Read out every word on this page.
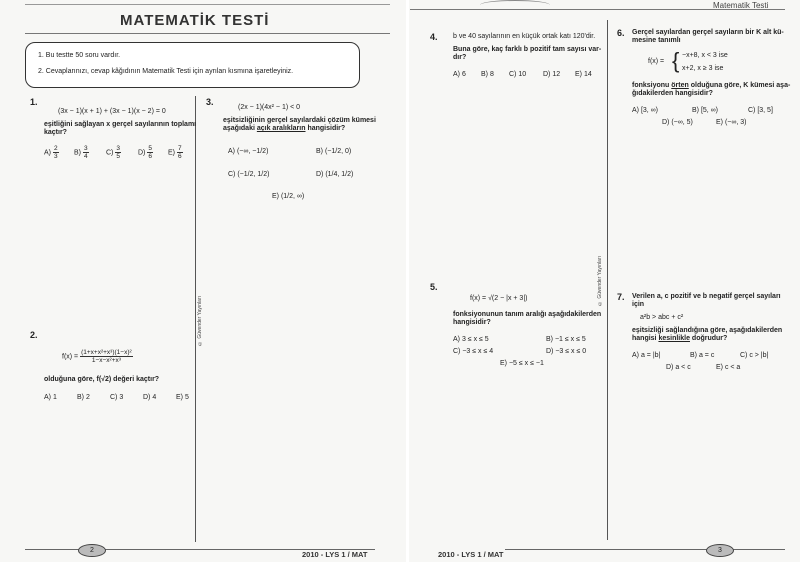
MATEMATİK TESTİ
1. Bu testte 50 soru vardır.
2. Cevaplarınızı, cevap kâğıdının Matematik Testi için ayrılan kısmına işaretleyiniz.
1.
(3x − 1)(x + 1) + (3x − 1)(x − 2) = 0
eşitliğini sağlayan x gerçel sayılarının toplamı
kaçtır?
$A) \frac{2}{3} B) \frac{3}{4} C) \frac{3}{5} D) \frac{5}{6} E) \frac{7}{6}$
3.
(2x − 1)(4x² − 1) < 0
eşitsizliğinin gerçel sayılardaki çözüm kümesi
aşağıdaki açık aralıkların hangisidir?
A) (−∞, −1/2)	B) (−1/2, 0)
C) (−1/2, 1/2)	D) (1/4, 1/2)
E) (1/2, ∞)
2.
$f(x) = \frac{\text{(1+x+x²+x³)(1−x)²}}{\text{1−x−x²+x³}}$
olduğuna göre, f(√2) değeri kaçtır?
A) 1	B) 2	C) 3	D) 4	E) 5
© Güvender Yayınları
2	2010 - LYS 1 / MAT
Matematik Testi
4. b ve 40 sayılarının en küçük ortak katı 120'dir.
Buna göre, kaç farklı b pozitif tam sayısı var-
dır?
A) 6 B) 8 C) 10 D) 12 E) 14
5.
f(x) = √(2 − |x + 3|)
fonksiyonunun tanım aralığı aşağıdakilerden
hangisidir?
A) 3 ≤ x ≤ 5	B) −1 ≤ x ≤ 5
C) −3 ≤ x ≤ 4	D) −3 ≤ x ≤ 0
E) −5 ≤ x ≤ −1
© Güvender Yayınları
6. Gerçel sayılardan gerçel sayıların bir K alt kü-
mesine tanımlı
f(x) = { −x+8, x < 3 ise
x+2, x ≥ 3 ise
fonksiyonu örten olduğuna göre, K kümesi aşa-
ğıdakilerden hangisidir?
A) [3, ∞)	B) [5, ∞)	C) [3, 5]
D) (−∞, 5)	E) (−∞, 3)
7. Verilen a, c pozitif ve b negatif gerçel sayıları
için
a²b > abc + c²
eşitsizliği sağlandığına göre, aşağıdakilerden
hangisi kesinlikle doğrudur?
A) a = |b|	B) a = c	C) c > |b|
D) a < c	E) c < a
2010 - LYS 1 / MAT	3
